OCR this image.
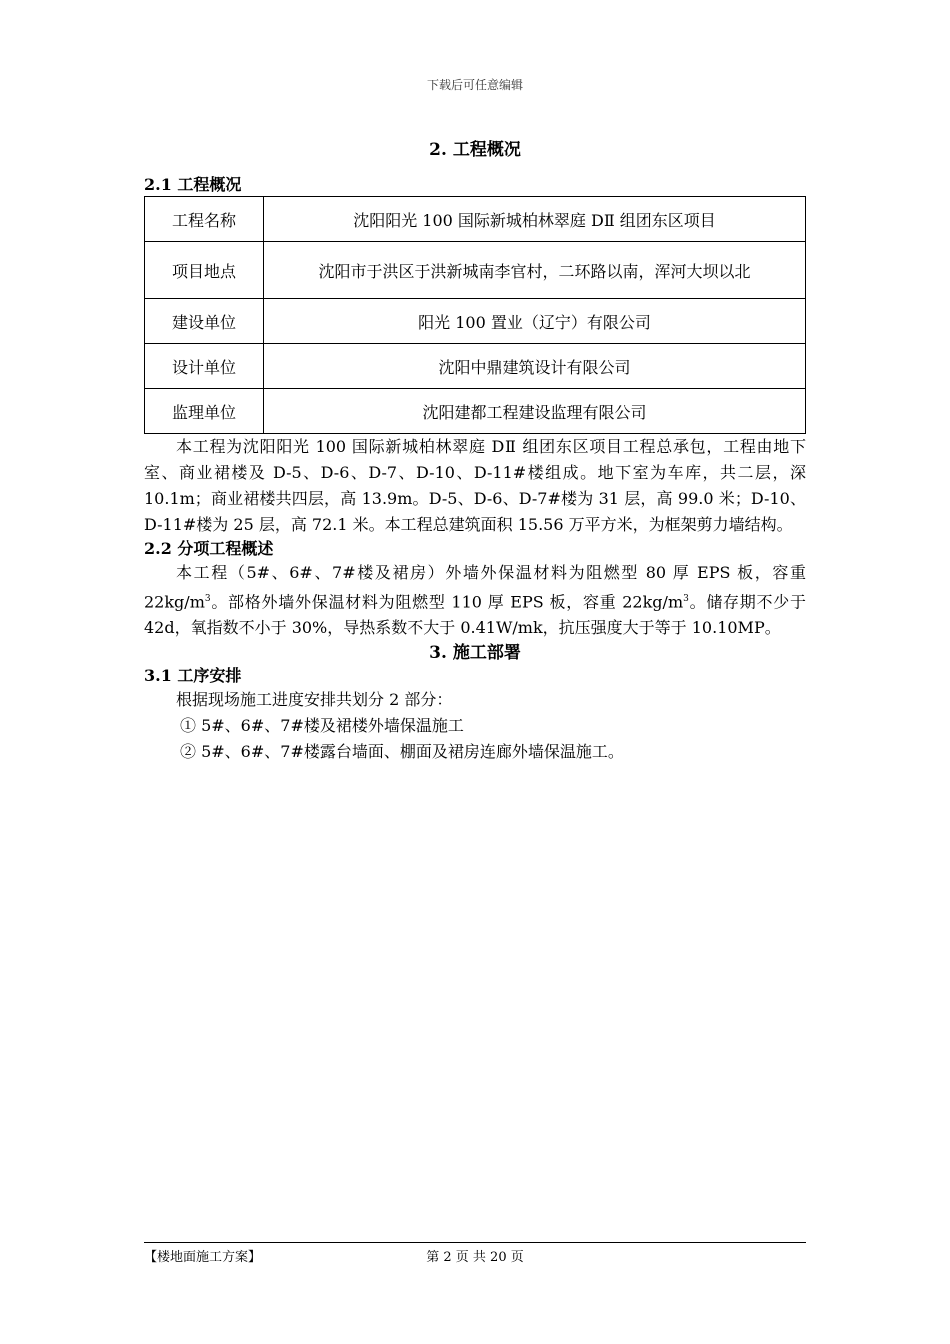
下载后可任意编辑

2. 工程概况

2.1 工程概况

工程名称	沈阳阳光 100 国际新城柏林翠庭 DⅡ 组团东区项目
项目地点	沈阳市于洪区于洪新城南李官村，二环路以南，浑河大坝以北
建设单位	阳光 100 置业（辽宁）有限公司
设计单位	沈阳中鼎建筑设计有限公司
监理单位	沈阳建都工程建设监理有限公司

本工程为沈阳阳光 100 国际新城柏林翠庭 DⅡ 组团东区项目工程总承包，工程由地下室、商业裙楼及 D-5、D-6、D-7、D-10、D-11#楼组成。地下室为车库，共二层，深 10.1m；商业裙楼共四层，高 13.9m。D-5、D-6、D-7#楼为 31 层，高 99.0 米；D-10、D-11#楼为 25 层，高 72.1 米。本工程总建筑面积 15.56 万平方米，为框架剪力墙结构。

2.2 分项工程概述

本工程（5#、6#、7#楼及裙房）外墙外保温材料为阻燃型 80 厚 EPS 板，容重 $22kg/m^3$。部格外墙外保温材料为阻燃型 110 厚 EPS 板，容重 $22kg/m^3$。储存期不少于 42d，氧指数不小于 30%，导热系数不大于 0.41W/mk，抗压强度大于等于 10.10MP。

3. 施工部署

3.1 工序安排

根据现场施工进度安排共划分 2 部分：

① 5#、6#、7#楼及裙楼外墙保温施工

② 5#、6#、7#楼露台墙面、棚面及裙房连廊外墙保温施工。

【楼地面施工方案】	第 2 页 共 20 页
